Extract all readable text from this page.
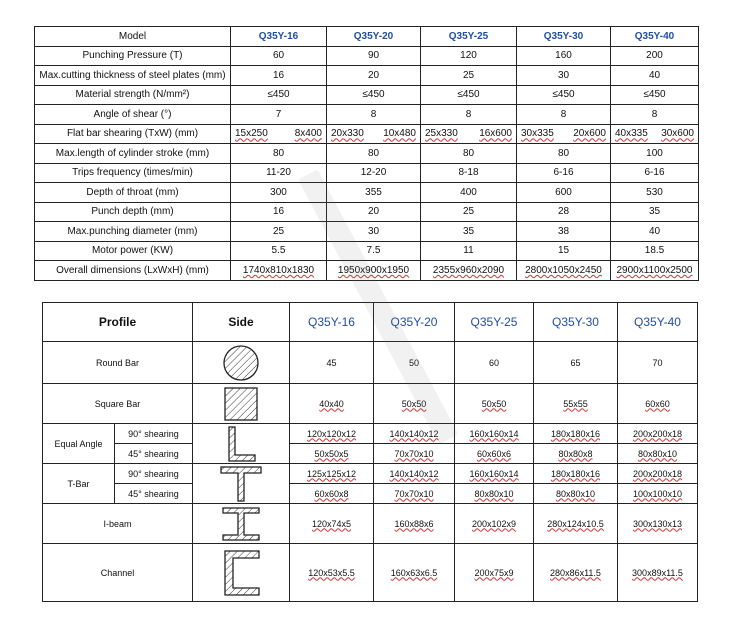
Model	Q35Y-16	Q35Y-20	Q35Y-25	Q35Y-30	Q35Y-40
Punching Pressure (T)	60	90	120	160	200
Max.cutting thickness of steel plates (mm)	16	20	25	30	40
Material strength (N/mm²)	≤450	≤450	≤450	≤450	≤450
Angle of shear (°)	7	8	8	8	8
Flat bar shearing (TxW) (mm)	15x250 8x400	20x330 10x480	25x330 16x600	30x335 20x600	40x335 30x600

Max.length of cylinder stroke (mm)	80	80	80	80	100
Trips frequency (times/min)	11-20	12-20	8-18	6-16	6-16
Depth of throat (mm)	300	355	400	600	530
Punch depth (mm)	16	20	25	28	35
Max.punching diameter (mm)	25	30	35	38	40
Motor power (KW)	5.5	7.5	11	15	18.5
Overall dimensions (LxWxH) (mm)	1740x810x1830	1950x900x1950	2355x960x2090	2800x1050x2450	2900x1100x2500
Profile		Side	Q35Y-16	Q35Y-20	Q35Y-25	Q35Y-30	Q35Y-40
Round Bar			45	50	60	65	70
Square Bar			40x40	50x50	50x50	55x55	60x60
Equal Angle	90° shearing		120x120x12	140x140x12	160x160x14	180x180x16	200x200x18
	45° shearing		50x50x5	70x70x10	60x60x6	80x80x8	80x80x10
T-Bar	90° shearing		125x125x12	140x140x12	160x160x14	180x180x16	200x200x18
	45° shearing		60x60x8	70x70x10	80x80x10	80x80x10	100x100x10
I-beam			120x74x5	160x88x6	200x102x9	280x124x10.5	300x130x13
Channel			120x53x5.5	160x63x6.5	200x75x9	280x86x11.5	300x89x11.5
